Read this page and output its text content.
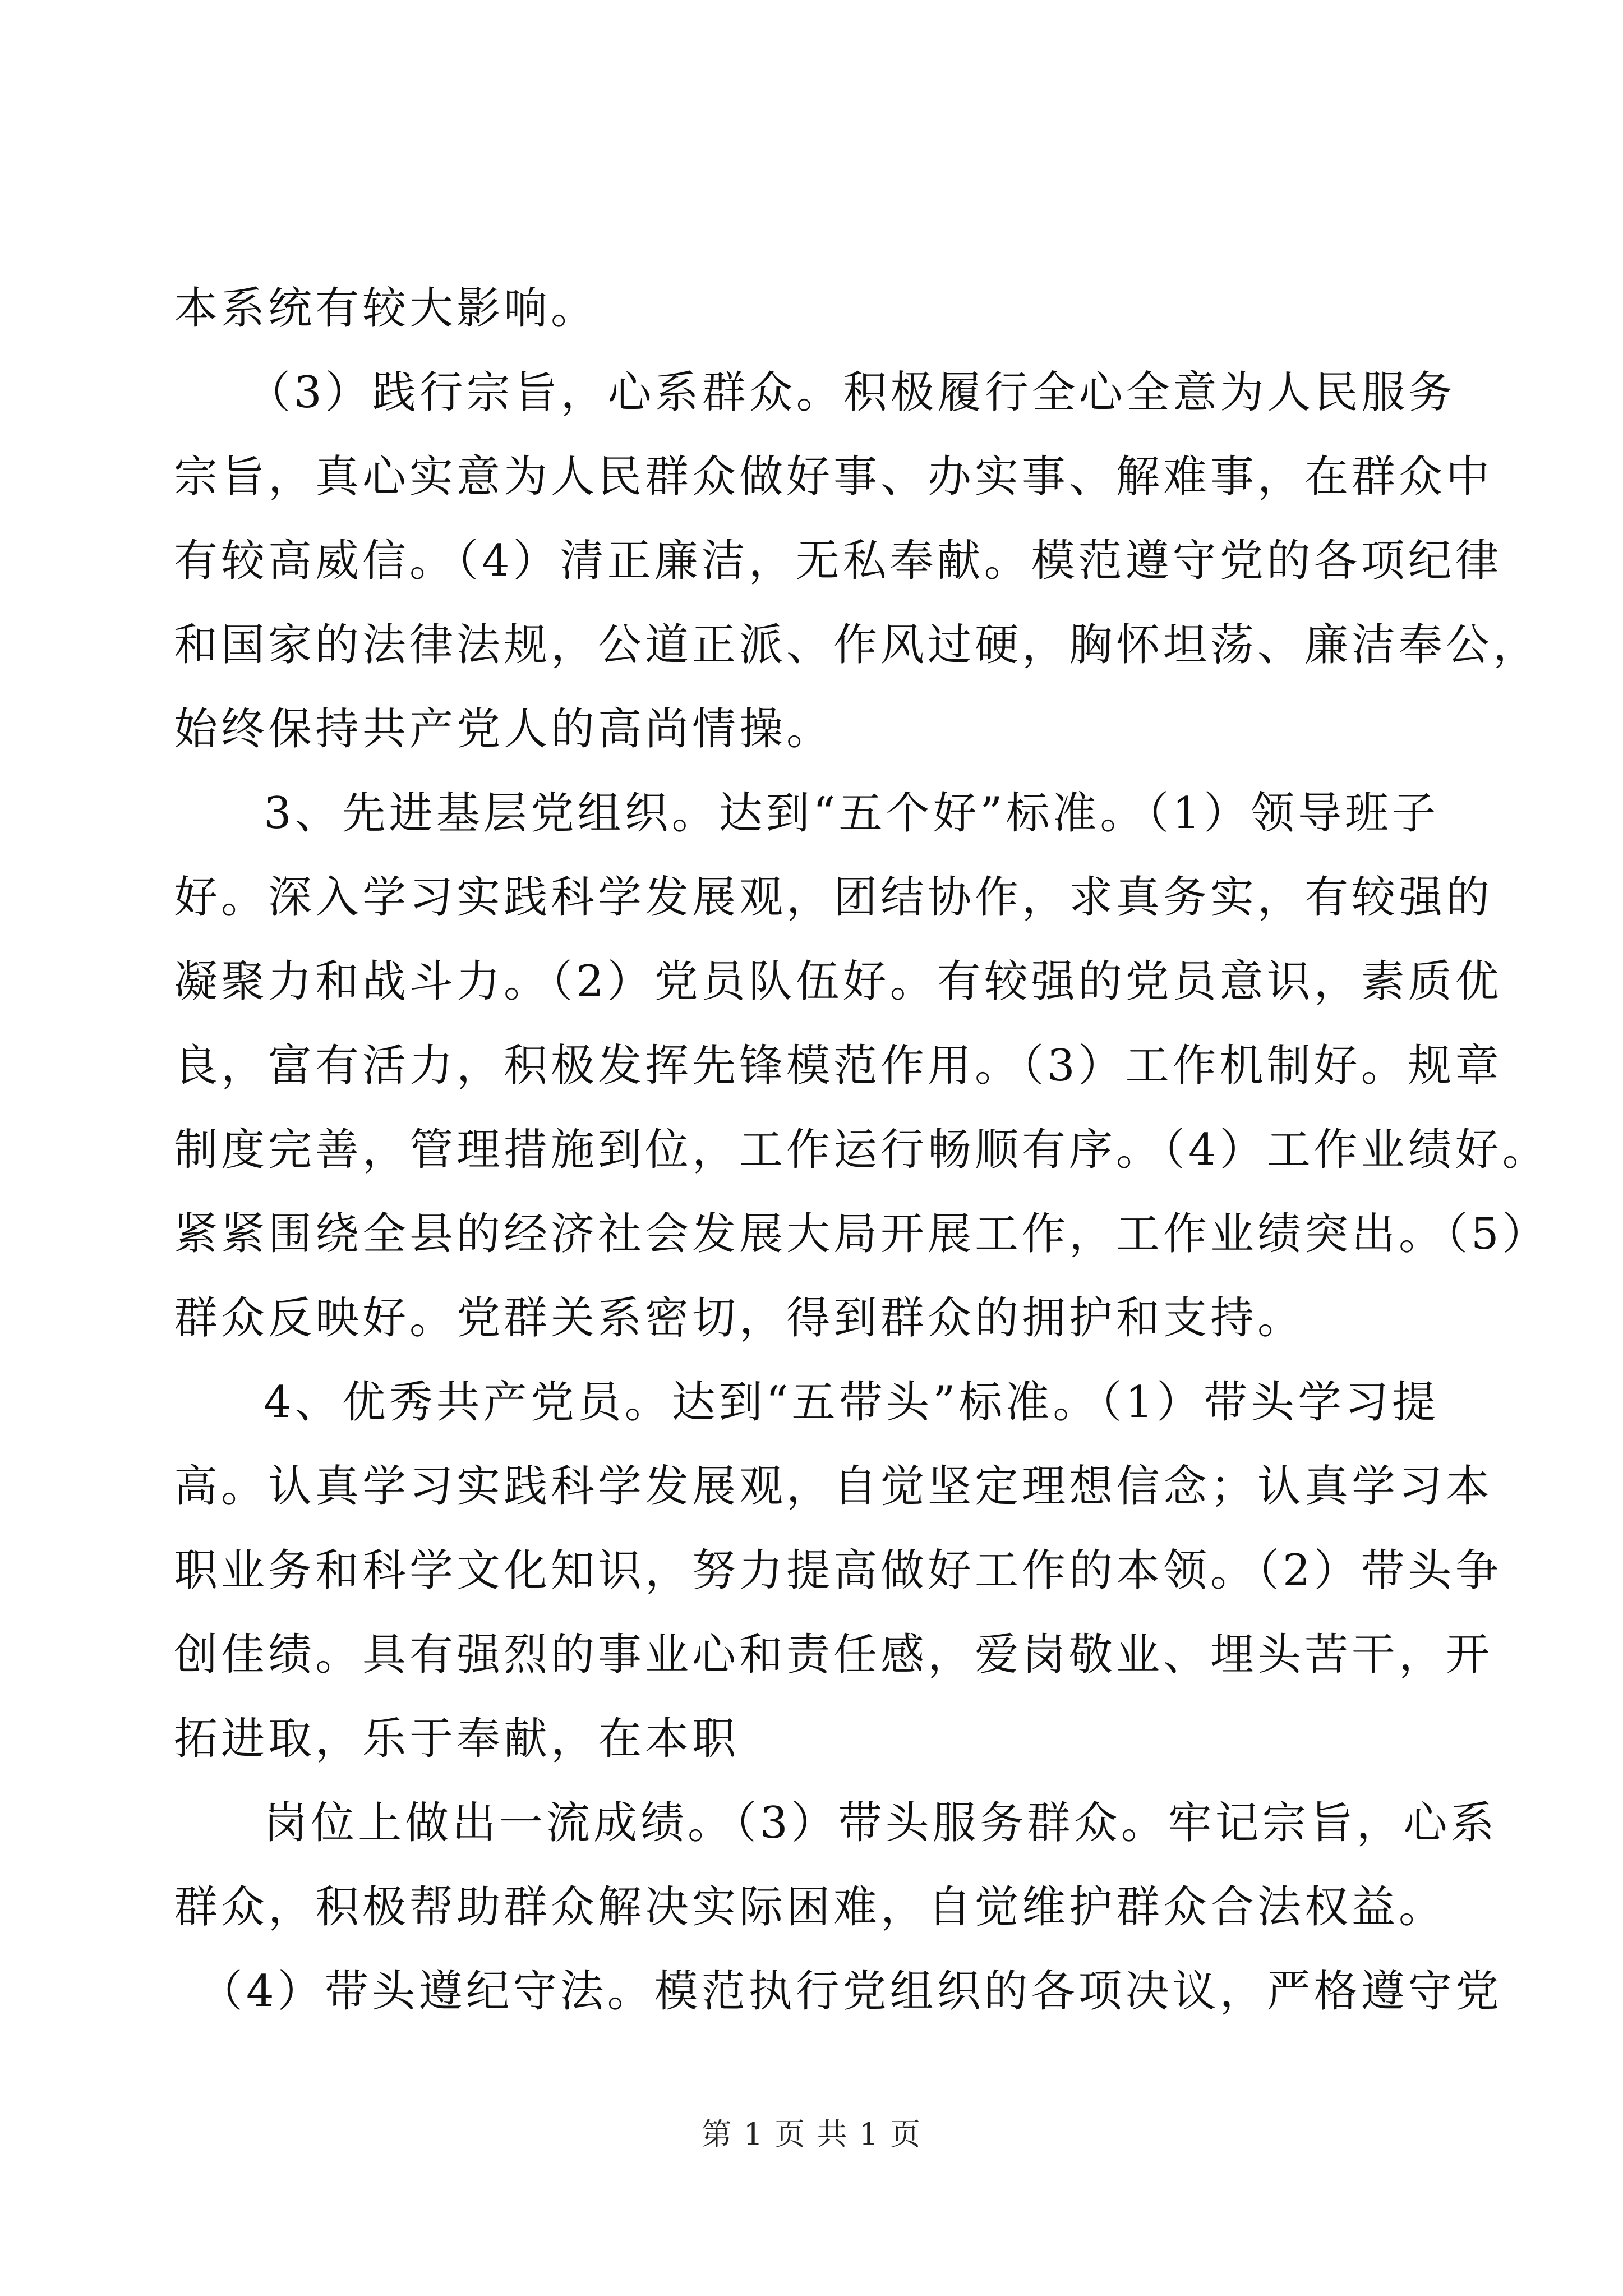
本系统有较大影响。
（3）践行宗旨，心系群众。积极履行全心全意为人民服务
宗旨，真心实意为人民群众做好事、办实事、解难事，在群众中
有较高威信。（4）清正廉洁，无私奉献。模范遵守党的各项纪律
和国家的法律法规，公道正派、作风过硬，胸怀坦荡、廉洁奉公，
始终保持共产党人的高尚情操。
3、先进基层党组织。达到“五个好”标准。（1）领导班子
好。深入学习实践科学发展观，团结协作，求真务实，有较强的
凝聚力和战斗力。（2）党员队伍好。有较强的党员意识，素质优
良，富有活力，积极发挥先锋模范作用。（3）工作机制好。规章
制度完善，管理措施到位，工作运行畅顺有序。（4）工作业绩好。
紧紧围绕全县的经济社会发展大局开展工作，工作业绩突出。（5）
群众反映好。党群关系密切，得到群众的拥护和支持。
4、优秀共产党员。达到“五带头”标准。（1）带头学习提
高。认真学习实践科学发展观，自觉坚定理想信念；认真学习本
职业务和科学文化知识，努力提高做好工作的本领。（2）带头争
创佳绩。具有强烈的事业心和责任感，爱岗敬业、埋头苦干，开
拓进取，乐于奉献，在本职
岗位上做出一流成绩。（3）带头服务群众。牢记宗旨，心系
群众，积极帮助群众解决实际困难，自觉维护群众合法权益。
（4）带头遵纪守法。模范执行党组织的各项决议，严格遵守党
第 1 页 共 1 页
